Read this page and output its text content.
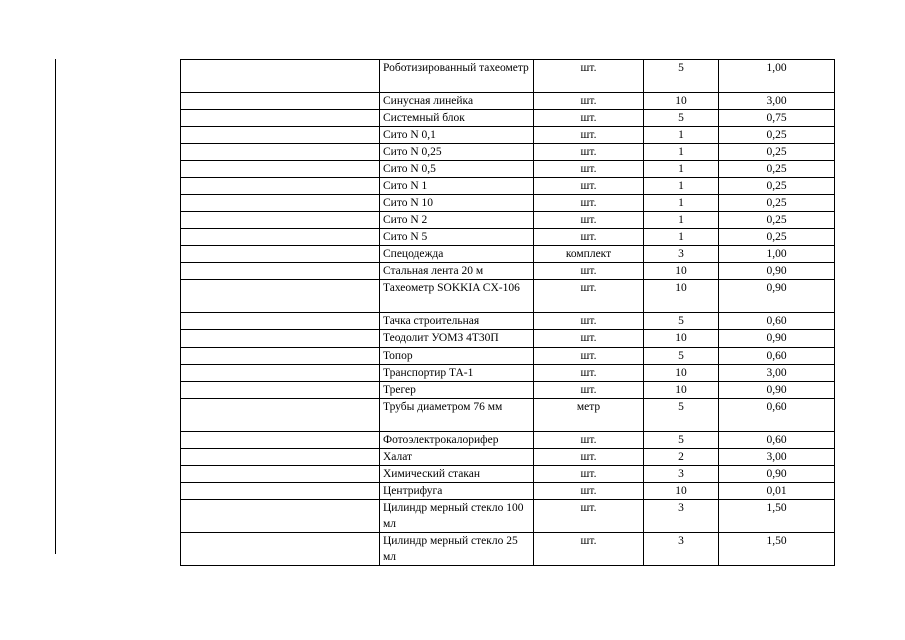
	Роботизированный тахеометр	шт.	5	1,00
	Синусная линейка	шт.	10	3,00
	Системный блок	шт.	5	0,75
	Сито N 0,1	шт.	1	0,25
	Сито N 0,25	шт.	1	0,25
	Сито N 0,5	шт.	1	0,25
	Сито N 1	шт.	1	0,25
	Сито N 10	шт.	1	0,25
	Сито N 2	шт.	1	0,25
	Сито N 5	шт.	1	0,25
	Спецодежда	комплект	3	1,00
	Стальная лента 20 м	шт.	10	0,90
	Тахеометр SOKKIA CX-106	шт.	10	0,90
	Тачка строительная	шт.	5	0,60
	Теодолит УОМЗ 4Т30П	шт.	10	0,90
	Топор	шт.	5	0,60
	Транспортир ТА-1	шт.	10	3,00
	Трегер	шт.	10	0,90
	Трубы диаметром 76 мм	метр	5	0,60
	Фотоэлектрокалорифер	шт.	5	0,60
	Халат	шт.	2	3,00
	Химический стакан	шт.	3	0,90
	Центрифуга	шт.	10	0,01
	Цилиндр мерный стекло 100 мл	шт.	3	1,50
	Цилиндр мерный стекло 25 мл	шт.	3	1,50
